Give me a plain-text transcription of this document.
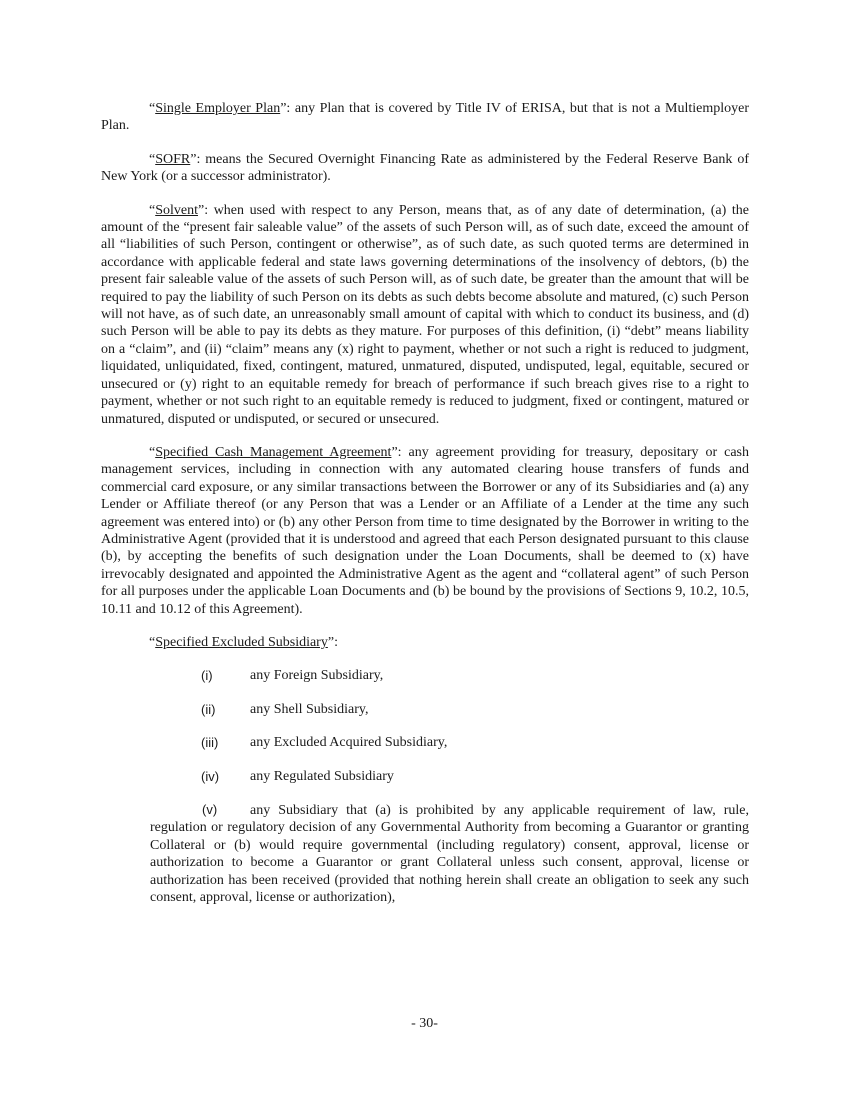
“Single Employer Plan”: any Plan that is covered by Title IV of ERISA, but that is not a Multiemployer Plan.

“SOFR”: means the Secured Overnight Financing Rate as administered by the Federal Reserve Bank of New York (or a successor administrator).

“Solvent”: when used with respect to any Person, means that, as of any date of determination, (a) the amount of the “present fair saleable value” of the assets of such Person will, as of such date, exceed the amount of all “liabilities of such Person, contingent or otherwise”, as of such date, as such quoted terms are determined in accordance with applicable federal and state laws governing determinations of the insolvency of debtors, (b) the present fair saleable value of the assets of such Person will, as of such date, be greater than the amount that will be required to pay the liability of such Person on its debts as such debts become absolute and matured, (c) such Person will not have, as of such date, an unreasonably small amount of capital with which to conduct its business, and (d) such Person will be able to pay its debts as they mature. For purposes of this definition, (i) “debt” means liability on a “claim”, and (ii) “claim” means any (x) right to payment, whether or not such a right is reduced to judgment, liquidated, unliquidated, fixed, contingent, matured, unmatured, disputed, undisputed, legal, equitable, secured or unsecured or (y) right to an equitable remedy for breach of performance if such breach gives rise to a right to payment, whether or not such right to an equitable remedy is reduced to judgment, fixed or contingent, matured or unmatured, disputed or undisputed, or secured or unsecured.

“Specified Cash Management Agreement”: any agreement providing for treasury, depositary or cash management services, including in connection with any automated clearing house transfers of funds and commercial card exposure, or any similar transactions between the Borrower or any of its Subsidiaries and (a) any Lender or Affiliate thereof (or any Person that was a Lender or an Affiliate of a Lender at the time any such agreement was entered into) or (b) any other Person from time to time designated by the Borrower in writing to the Administrative Agent (provided that it is understood and agreed that each Person designated pursuant to this clause (b), by accepting the benefits of such designation under the Loan Documents, shall be deemed to (x) have irrevocably designated and appointed the Administrative Agent as the agent and “collateral agent” of such Person for all purposes under the applicable Loan Documents and (b) be bound by the provisions of Sections 9, 10.2, 10.5, 10.11 and 10.12 of this Agreement).

“Specified Excluded Subsidiary”:

(i)	any Foreign Subsidiary,
(ii)	any Shell Subsidiary,
(iii)	any Excluded Acquired Subsidiary,
(iv)	any Regulated Subsidiary

(v) any Subsidiary that (a) is prohibited by any applicable requirement of law, rule, regulation or regulatory decision of any Governmental Authority from becoming a Guarantor or granting Collateral or (b) would require governmental (including regulatory) consent, approval, license or authorization to become a Guarantor or grant Collateral unless such consent, approval, license or authorization has been received (provided that nothing herein shall create an obligation to seek any such consent, approval, license or authorization),

- 30-
